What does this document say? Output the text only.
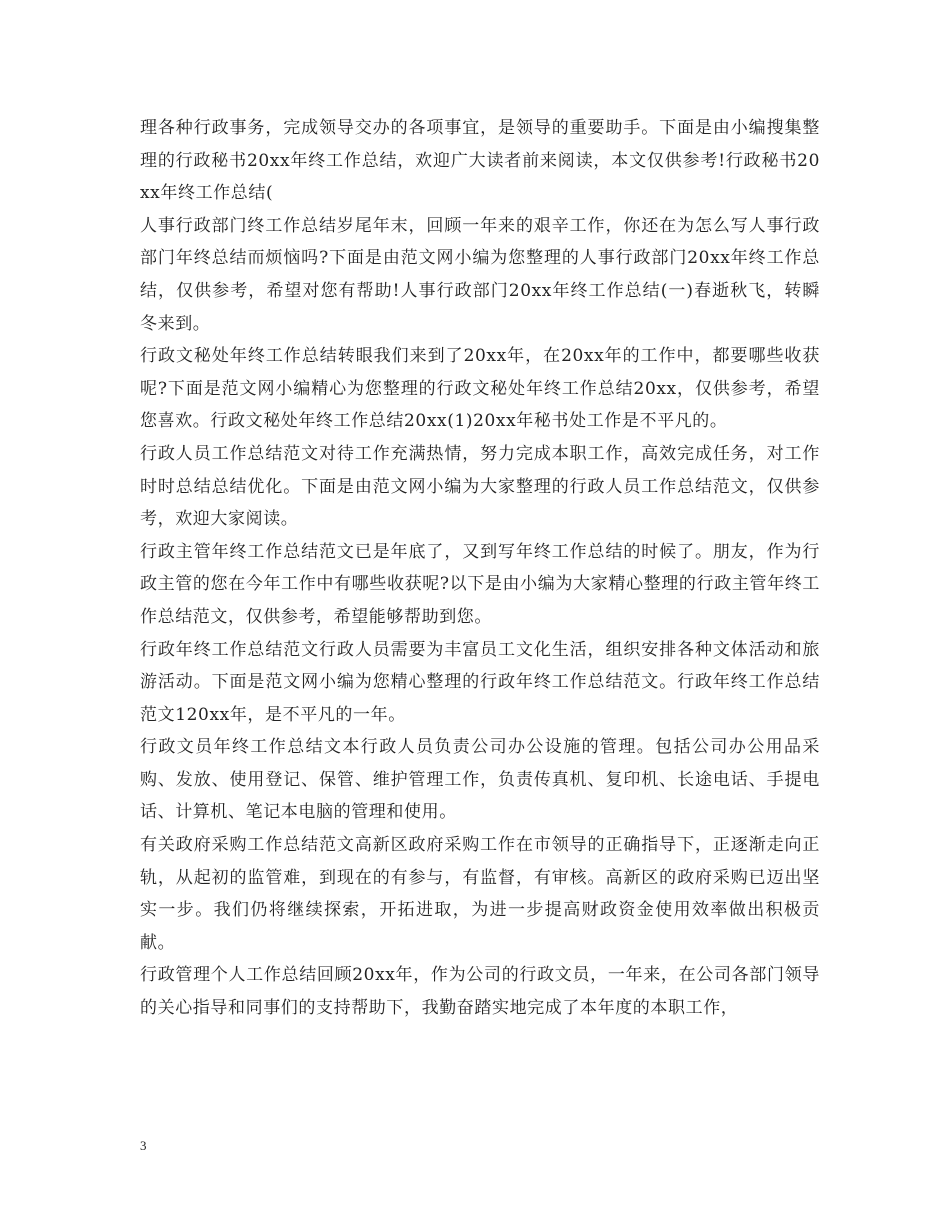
理各种行政事务，完成领导交办的各项事宜，是领导的重要助手。下面是由小编搜集整理的行政秘书20xx年终工作总结，欢迎广大读者前来阅读，本文仅供参考!行政秘书20xx年终工作总结(

人事行政部门终工作总结岁尾年末，回顾一年来的艰辛工作，你还在为怎么写人事行政部门年终总结而烦恼吗?下面是由范文网小编为您整理的人事行政部门20xx年终工作总结，仅供参考，希望对您有帮助!人事行政部门20xx年终工作总结(一)春逝秋飞，转瞬冬来到。

行政文秘处年终工作总结转眼我们来到了20xx年，在20xx年的工作中，都要哪些收获呢?下面是范文网小编精心为您整理的行政文秘处年终工作总结20xx，仅供参考，希望您喜欢。行政文秘处年终工作总结20xx(1)20xx年秘书处工作是不平凡的。

行政人员工作总结范文对待工作充满热情，努力完成本职工作，高效完成任务，对工作时时总结总结优化。下面是由范文网小编为大家整理的行政人员工作总结范文，仅供参考，欢迎大家阅读。

行政主管年终工作总结范文已是年底了，又到写年终工作总结的时候了。朋友，作为行政主管的您在今年工作中有哪些收获呢?以下是由小编为大家精心整理的行政主管年终工作总结范文，仅供参考，希望能够帮助到您。

行政年终工作总结范文行政人员需要为丰富员工文化生活，组织安排各种文体活动和旅游活动。下面是范文网小编为您精心整理的行政年终工作总结范文。行政年终工作总结范文120xx年，是不平凡的一年。

行政文员年终工作总结文本行政人员负责公司办公设施的管理。包括公司办公用品采购、发放、使用登记、保管、维护管理工作，负责传真机、复印机、长途电话、手提电话、计算机、笔记本电脑的管理和使用。

有关政府采购工作总结范文高新区政府采购工作在市领导的正确指导下，正逐渐走向正轨，从起初的监管难，到现在的有参与，有监督，有审核。高新区的政府采购已迈出坚实一步。我们仍将继续探索，开拓进取，为进一步提高财政资金使用效率做出积极贡献。

行政管理个人工作总结回顾20xx年，作为公司的行政文员，一年来，在公司各部门领导的关心指导和同事们的支持帮助下，我勤奋踏实地完成了本年度的本职工作，

3
